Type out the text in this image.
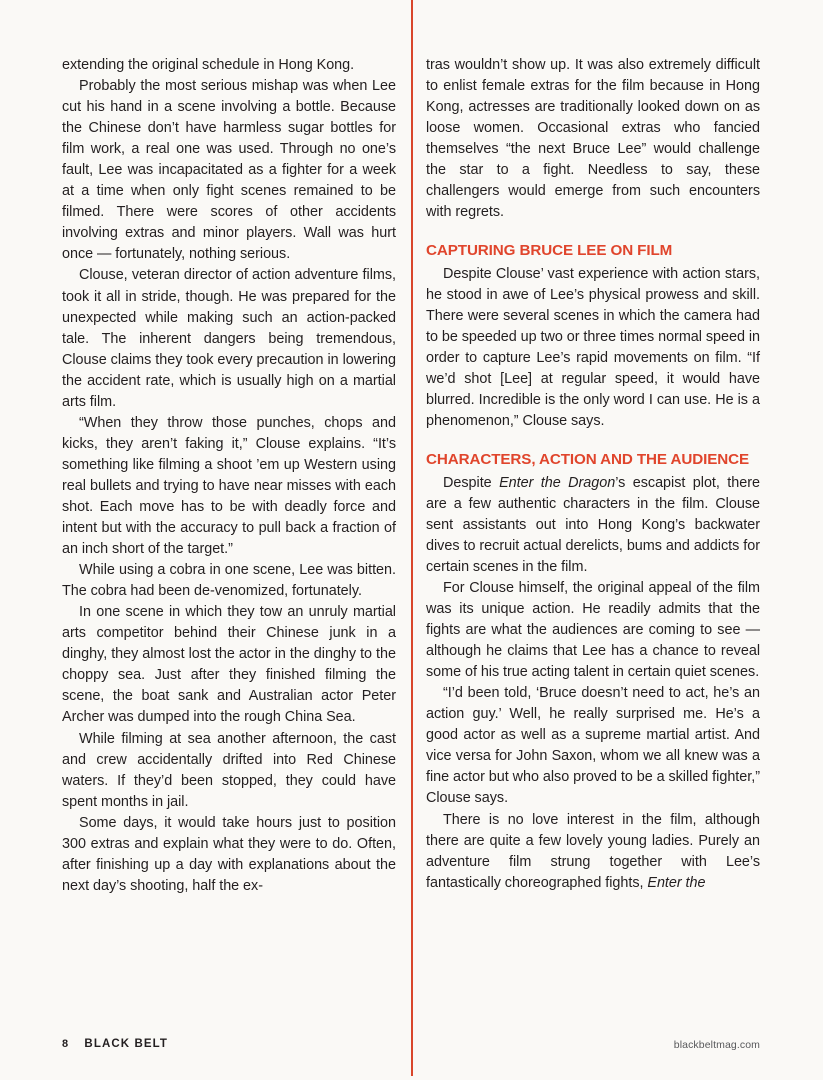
extending the original schedule in Hong Kong.

Probably the most serious mishap was when Lee cut his hand in a scene involving a bottle. Because the Chinese don’t have harmless sugar bottles for film work, a real one was used. Through no one’s fault, Lee was incapacitated as a fighter for a week at a time when only fight scenes remained to be filmed. There were scores of other accidents involving extras and minor players. Wall was hurt once — fortunately, nothing serious.

Clouse, veteran director of action adventure films, took it all in stride, though. He was prepared for the unexpected while making such an action-packed tale. The inherent dangers being tremendous, Clouse claims they took every precaution in lowering the accident rate, which is usually high on a martial arts film.

“When they throw those punches, chops and kicks, they aren’t faking it,” Clouse explains. “It’s something like filming a shoot ’em up Western using real bullets and trying to have near misses with each shot. Each move has to be with deadly force and intent but with the accuracy to pull back a fraction of an inch short of the target.”

While using a cobra in one scene, Lee was bitten. The cobra had been de-venomized, fortunately.

In one scene in which they tow an unruly martial arts competitor behind their Chinese junk in a dinghy, they almost lost the actor in the dinghy to the choppy sea. Just after they finished filming the scene, the boat sank and Australian actor Peter Archer was dumped into the rough China Sea.

While filming at sea another afternoon, the cast and crew accidentally drifted into Red Chinese waters. If they’d been stopped, they could have spent months in jail.

Some days, it would take hours just to position 300 extras and explain what they were to do. Often, after finishing up a day with explanations about the next day’s shooting, half the ex-

tras wouldn’t show up. It was also extremely difficult to enlist female extras for the film because in Hong Kong, actresses are traditionally looked down on as loose women. Occasional extras who fancied themselves “the next Bruce Lee” would challenge the star to a fight. Needless to say, these challengers would emerge from such encounters with regrets.

CAPTURING BRUCE LEE ON FILM

Despite Clouse’ vast experience with action stars, he stood in awe of Lee’s physical prowess and skill. There were several scenes in which the camera had to be speeded up two or three times normal speed in order to capture Lee’s rapid movements on film. “If we’d shot [Lee] at regular speed, it would have blurred. Incredible is the only word I can use. He is a phenomenon,” Clouse says.

CHARACTERS, ACTION AND THE AUDIENCE

Despite Enter the Dragon’s escapist plot, there are a few authentic characters in the film. Clouse sent assistants out into Hong Kong’s backwater dives to recruit actual derelicts, bums and addicts for certain scenes in the film.

For Clouse himself, the original appeal of the film was its unique action. He readily admits that the fights are what the audiences are coming to see — although he claims that Lee has a chance to reveal some of his true acting talent in certain quiet scenes.

“I’d been told, ‘Bruce doesn’t need to act, he’s an action guy.’ Well, he really surprised me. He’s a good actor as well as a supreme martial artist. And vice versa for John Saxon, whom we all knew was a fine actor but who also proved to be a skilled fighter,” Clouse says.

There is no love interest in the film, although there are quite a few lovely young ladies. Purely an adventure film strung together with Lee’s fantastically choreographed fights, Enter the

8 BLACK BELT	blackbeltmag.com
